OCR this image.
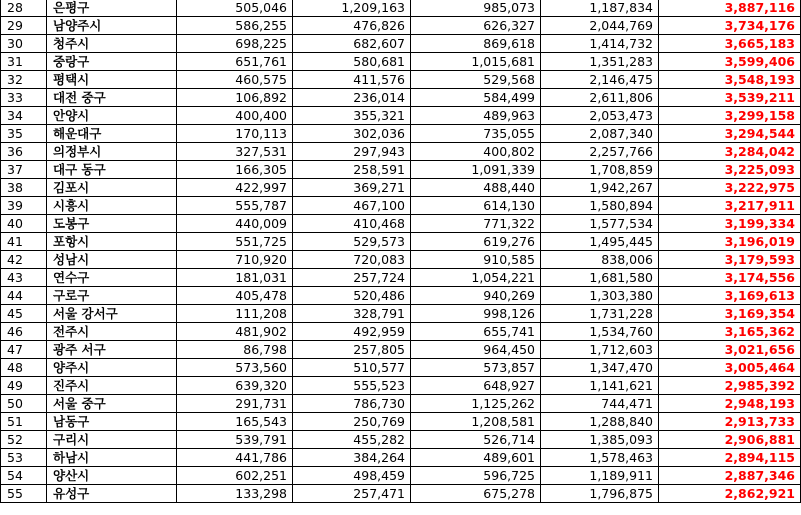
28	은평구	505,046	1,209,163	985,073	1,187,834	3,887,116
29	남양주시	586,255	476,826	626,327	2,044,769	3,734,176
30	청주시	698,225	682,607	869,618	1,414,732	3,665,183
31	중랑구	651,761	580,681	1,015,681	1,351,283	3,599,406
32	평택시	460,575	411,576	529,568	2,146,475	3,548,193
33	대전 중구	106,892	236,014	584,499	2,611,806	3,539,211
34	안양시	400,400	355,321	489,963	2,053,473	3,299,158
35	해운대구	170,113	302,036	735,055	2,087,340	3,294,544
36	의정부시	327,531	297,943	400,802	2,257,766	3,284,042
37	대구 동구	166,305	258,591	1,091,339	1,708,859	3,225,093
38	김포시	422,997	369,271	488,440	1,942,267	3,222,975
39	시흥시	555,787	467,100	614,130	1,580,894	3,217,911
40	도봉구	440,009	410,468	771,322	1,577,534	3,199,334
41	포항시	551,725	529,573	619,276	1,495,445	3,196,019
42	성남시	710,920	720,083	910,585	838,006	3,179,593
43	연수구	181,031	257,724	1,054,221	1,681,580	3,174,556
44	구로구	405,478	520,486	940,269	1,303,380	3,169,613
45	서울 강서구	111,208	328,791	998,126	1,731,228	3,169,354
46	전주시	481,902	492,959	655,741	1,534,760	3,165,362
47	광주 서구	86,798	257,805	964,450	1,712,603	3,021,656
48	양주시	573,560	510,577	573,857	1,347,470	3,005,464
49	진주시	639,320	555,523	648,927	1,141,621	2,985,392
50	서울 중구	291,731	786,730	1,125,262	744,471	2,948,193
51	남동구	165,543	250,769	1,208,581	1,288,840	2,913,733
52	구리시	539,791	455,282	526,714	1,385,093	2,906,881
53	하남시	441,786	384,264	489,601	1,578,463	2,894,115
54	양산시	602,251	498,459	596,725	1,189,911	2,887,346
55	유성구	133,298	257,471	675,278	1,796,875	2,862,921
